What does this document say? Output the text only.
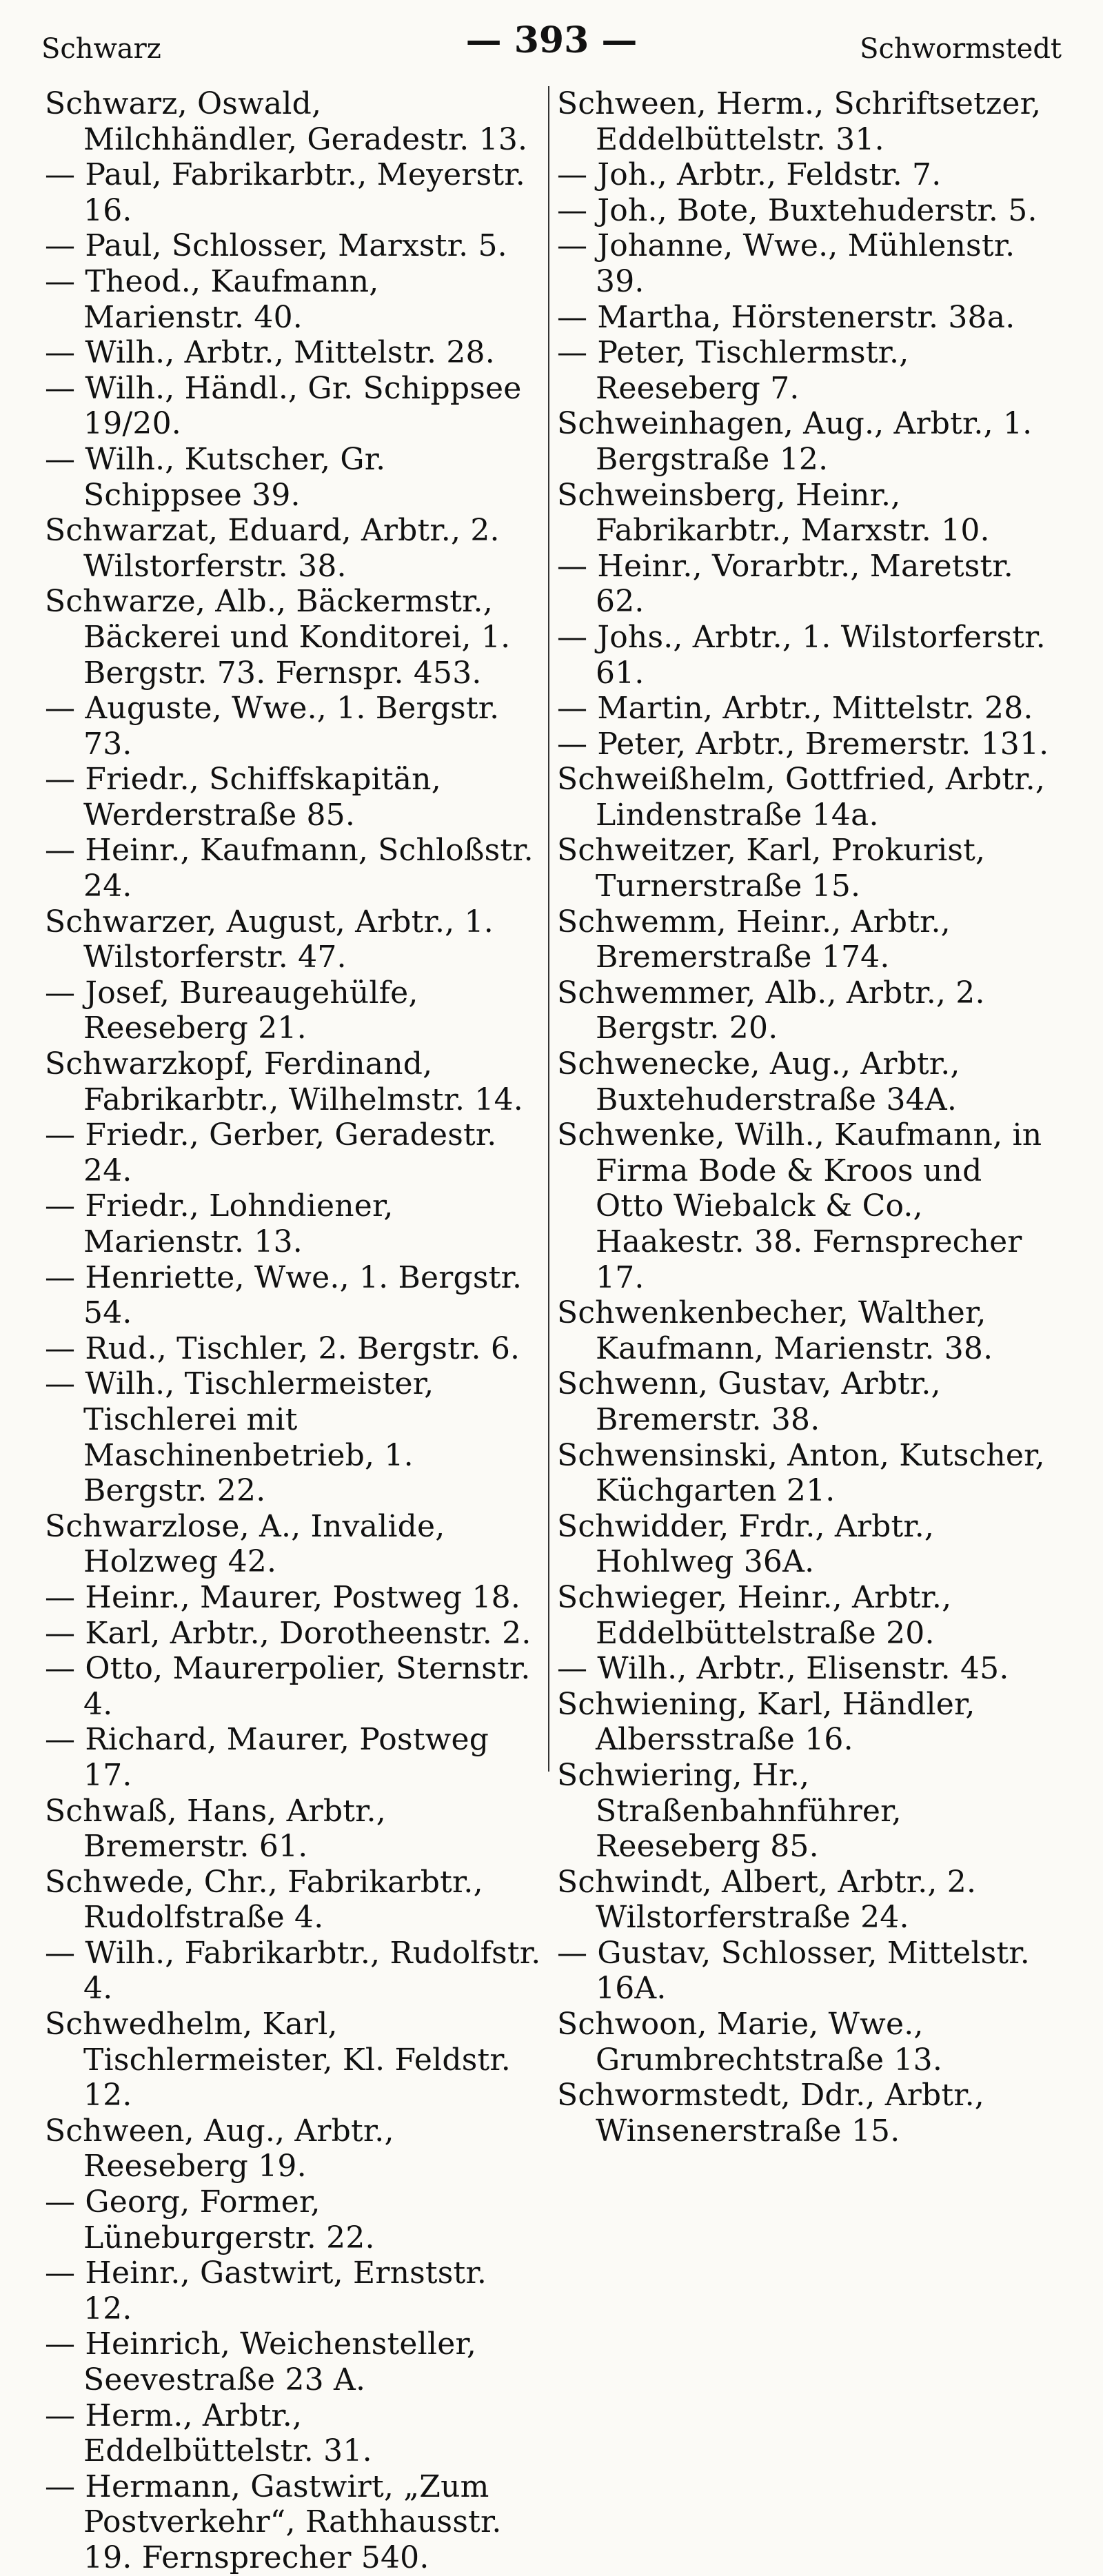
Schwarz	— 393 —	Schwormstedt

Schwarz, Oswald, Milchhändler, Geradestr. 13.

— Paul, Fabrikarbtr., Meyerstr. 16.

— Paul, Schlosser, Marxstr. 5.

— Theod., Kaufmann, Marienstr. 40.

— Wilh., Arbtr., Mittelstr. 28.

— Wilh., Händl., Gr. Schippsee 19/20.

— Wilh., Kutscher, Gr. Schippsee 39.

Schwarzat, Eduard, Arbtr., 2. Wilstorferstr. 38.

Schwarze, Alb., Bäckermstr., Bäckerei und Konditorei, 1. Bergstr. 73. Fernspr. 453.

— Auguste, Wwe., 1. Bergstr. 73.

— Friedr., Schiffskapitän, Werderstraße 85.

— Heinr., Kaufmann, Schloßstr. 24.

Schwarzer, August, Arbtr., 1. Wilstorferstr. 47.

— Josef, Bureaugehülfe, Reeseberg 21.

Schwarzkopf, Ferdinand, Fabrikarbtr., Wilhelmstr. 14.

— Friedr., Gerber, Geradestr. 24.

— Friedr., Lohndiener, Marienstr. 13.

— Henriette, Wwe., 1. Bergstr. 54.

— Rud., Tischler, 2. Bergstr. 6.

— Wilh., Tischlermeister, Tischlerei mit Maschinenbetrieb, 1. Bergstr. 22.

Schwarzlose, A., Invalide, Holzweg 42.

— Heinr., Maurer, Postweg 18.

— Karl, Arbtr., Dorotheenstr. 2.

— Otto, Maurerpolier, Sternstr. 4.

— Richard, Maurer, Postweg 17.

Schwaß, Hans, Arbtr., Bremerstr. 61.

Schwede, Chr., Fabrikarbtr., Rudolfstraße 4.

— Wilh., Fabrikarbtr., Rudolfstr. 4.

Schwedhelm, Karl, Tischlermeister, Kl. Feldstr. 12.

Schween, Aug., Arbtr., Reeseberg 19.

— Georg, Former, Lüneburgerstr. 22.

— Heinr., Gastwirt, Ernststr. 12.

— Heinrich, Weichensteller, Seevestraße 23 A.

— Herm., Arbtr., Eddelbüttelstr. 31.

— Hermann, Gastwirt, „Zum Postverkehr“, Rathhausstr. 19. Fernsprecher 540.

Schween, Herm., Schriftsetzer, Eddelbüttelstr. 31.

— Joh., Arbtr., Feldstr. 7.

— Joh., Bote, Buxtehuderstr. 5.

— Johanne, Wwe., Mühlenstr. 39.

— Martha, Hörstenerstr. 38a.

— Peter, Tischlermstr., Reeseberg 7.

Schweinhagen, Aug., Arbtr., 1. Bergstraße 12.

Schweinsberg, Heinr., Fabrikarbtr., Marxstr. 10.

— Heinr., Vorarbtr., Maretstr. 62.

— Johs., Arbtr., 1. Wilstorferstr. 61.

— Martin, Arbtr., Mittelstr. 28.

— Peter, Arbtr., Bremerstr. 131.

Schweißhelm, Gottfried, Arbtr., Lindenstraße 14a.

Schweitzer, Karl, Prokurist, Turnerstraße 15.

Schwemm, Heinr., Arbtr., Bremerstraße 174.

Schwemmer, Alb., Arbtr., 2. Bergstr. 20.

Schwenecke, Aug., Arbtr., Buxtehuderstraße 34A.

Schwenke, Wilh., Kaufmann, in Firma Bode & Kroos und Otto Wiebalck & Co., Haakestr. 38. Fernsprecher 17.

Schwenkenbecher, Walther, Kaufmann, Marienstr. 38.

Schwenn, Gustav, Arbtr., Bremerstr. 38.

Schwensinski, Anton, Kutscher, Küchgarten 21.

Schwidder, Frdr., Arbtr., Hohlweg 36A.

Schwieger, Heinr., Arbtr., Eddelbüttelstraße 20.

— Wilh., Arbtr., Elisenstr. 45.

Schwiening, Karl, Händler, Albersstraße 16.

Schwiering, Hr., Straßenbahnführer, Reeseberg 85.

Schwindt, Albert, Arbtr., 2. Wilstorferstraße 24.

— Gustav, Schlosser, Mittelstr. 16A.

Schwoon, Marie, Wwe., Grumbrechtstraße 13.

Schwormstedt, Ddr., Arbtr., Winsenerstraße 15.
